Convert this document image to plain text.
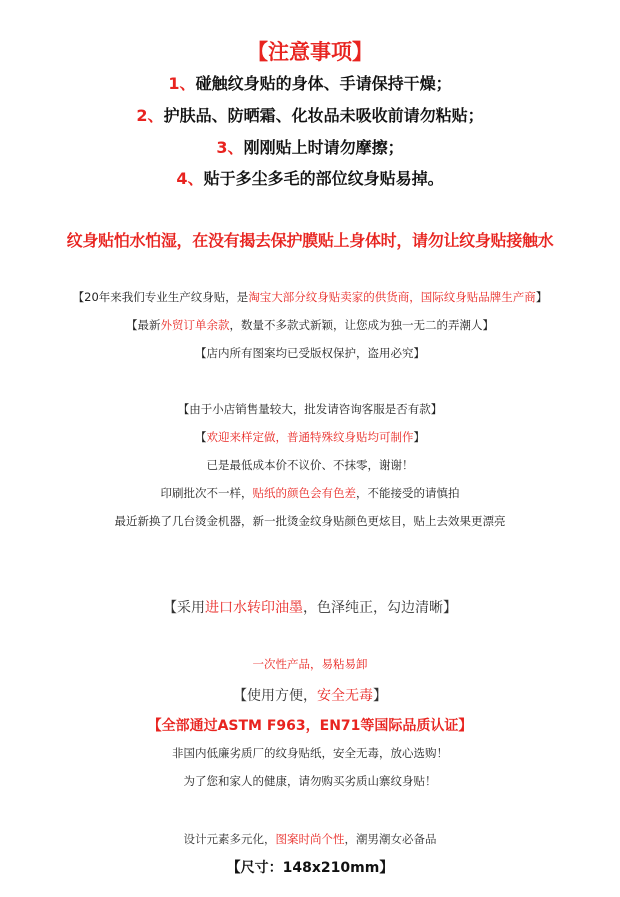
【注意事项】
1、碰触纹身贴的身体、手请保持干燥；
2、护肤品、防晒霜、化妆品未吸收前请勿粘贴；
3、刚刚贴上时请勿摩擦；
4、贴于多尘多毛的部位纹身贴易掉。
纹身贴怕水怕湿，在没有揭去保护膜贴上身体时，请勿让纹身贴接触水
【20年来我们专业生产纹身贴，是淘宝大部分纹身贴卖家的供货商，国际纹身贴品牌生产商】
【最新外贸订单余款，数量不多款式新颖，让您成为独一无二的弄潮人】
【店内所有图案均已受版权保护，盗用必究】
【由于小店销售量较大，批发请咨询客服是否有款】
【欢迎来样定做，普通特殊纹身贴均可制作】
已是最低成本价不议价、不抹零，谢谢！
印刷批次不一样，贴纸的颜色会有色差，不能接受的请慎拍
最近新换了几台烫金机器，新一批烫金纹身贴颜色更炫目，贴上去效果更漂亮
【采用进口水转印油墨，色泽纯正，勾边清晰】
一次性产品，易粘易卸
【使用方便，安全无毒】
【全部通过ASTM F963，EN71等国际品质认证】
非国内低廉劣质厂的纹身贴纸，安全无毒，放心选购！
为了您和家人的健康，请勿购买劣质山寨纹身贴！
设计元素多元化，图案时尚个性，潮男潮女必备品
【尺寸：148x210mm】
